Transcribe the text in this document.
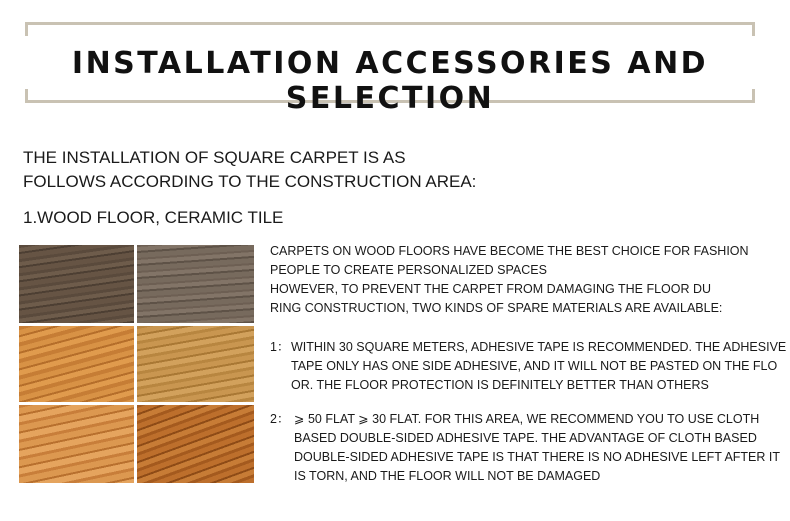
INSTALLATION ACCESSORIES AND SELECTION
THE INSTALLATION OF SQUARE CARPET IS AS
FOLLOWS ACCORDING TO THE CONSTRUCTION AREA:
1.WOOD FLOOR, CERAMIC TILE
CARPETS ON WOOD FLOORS HAVE BECOME THE BEST CHOICE FOR FASHION
PEOPLE TO CREATE PERSONALIZED SPACES
HOWEVER, TO PREVENT THE CARPET FROM DAMAGING THE FLOOR DU
RING CONSTRUCTION, TWO KINDS OF SPARE MATERIALS ARE AVAILABLE:
1： WITHIN 30 SQUARE METERS, ADHESIVE TAPE IS RECOMMENDED. THE ADHESIVE
TAPE ONLY HAS ONE SIDE ADHESIVE, AND IT WILL NOT BE PASTED ON THE FLO
OR. THE FLOOR PROTECTION IS DEFINITELY BETTER THAN OTHERS
2： ⩾ 50 FLAT ⩾ 30 FLAT. FOR THIS AREA, WE RECOMMEND YOU TO USE CLOTH
BASED DOUBLE-SIDED ADHESIVE TAPE. THE ADVANTAGE OF CLOTH BASED
DOUBLE-SIDED ADHESIVE TAPE IS THAT THERE IS NO ADHESIVE LEFT AFTER IT
IS TORN, AND THE FLOOR WILL NOT BE DAMAGED
